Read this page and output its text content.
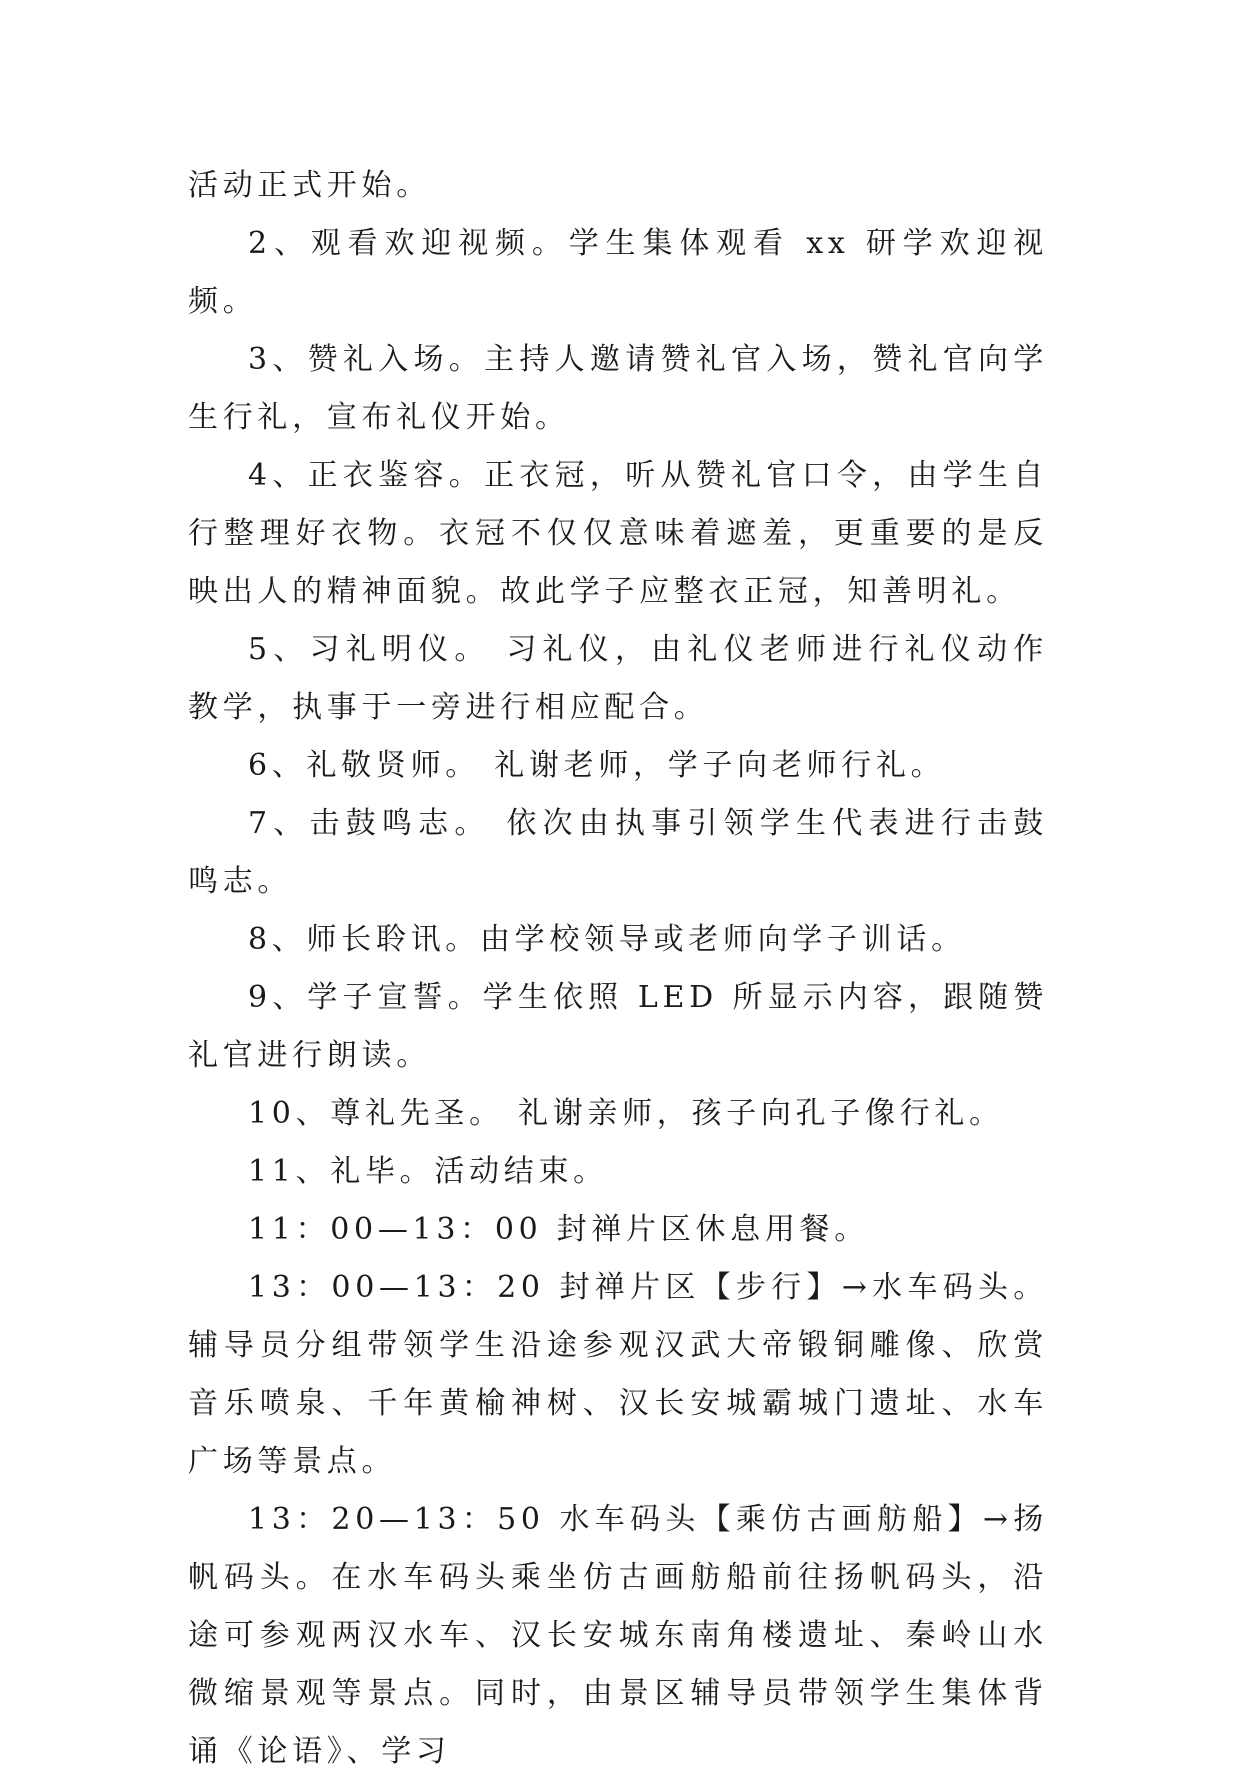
活动正式开始。

2、观看欢迎视频。学生集体观看 xx 研学欢迎视频。

3、赞礼入场。主持人邀请赞礼官入场，赞礼官向学生行礼，宣布礼仪开始。

4、正衣鉴容。正衣冠，听从赞礼官口令，由学生自行整理好衣物。衣冠不仅仅意味着遮羞，更重要的是反映出人的精神面貌。故此学子应整衣正冠，知善明礼。

5、习礼明仪。 习礼仪，由礼仪老师进行礼仪动作教学，执事于一旁进行相应配合。

6、礼敬贤师。 礼谢老师，学子向老师行礼。

7、击鼓鸣志。 依次由执事引领学生代表进行击鼓鸣志。

8、师长聆讯。由学校领导或老师向学子训话。

9、学子宣誓。学生依照 LED 所显示内容，跟随赞礼官进行朗读。

10、尊礼先圣。 礼谢亲师，孩子向孔子像行礼。

11、礼毕。活动结束。

11：00—13：00 封禅片区休息用餐。

13：00—13：20 封禅片区【步行】→水车码头。辅导员分组带领学生沿途参观汉武大帝锻铜雕像、欣赏音乐喷泉、千年黄榆神树、汉长安城霸城门遗址、水车广场等景点。

13：20—13：50 水车码头【乘仿古画舫船】→扬帆码头。在水车码头乘坐仿古画舫船前往扬帆码头，沿途可参观两汉水车、汉长安城东南角楼遗址、秦岭山水微缩景观等景点。同时，由景区辅导员带领学生集体背诵《论语》、学习
